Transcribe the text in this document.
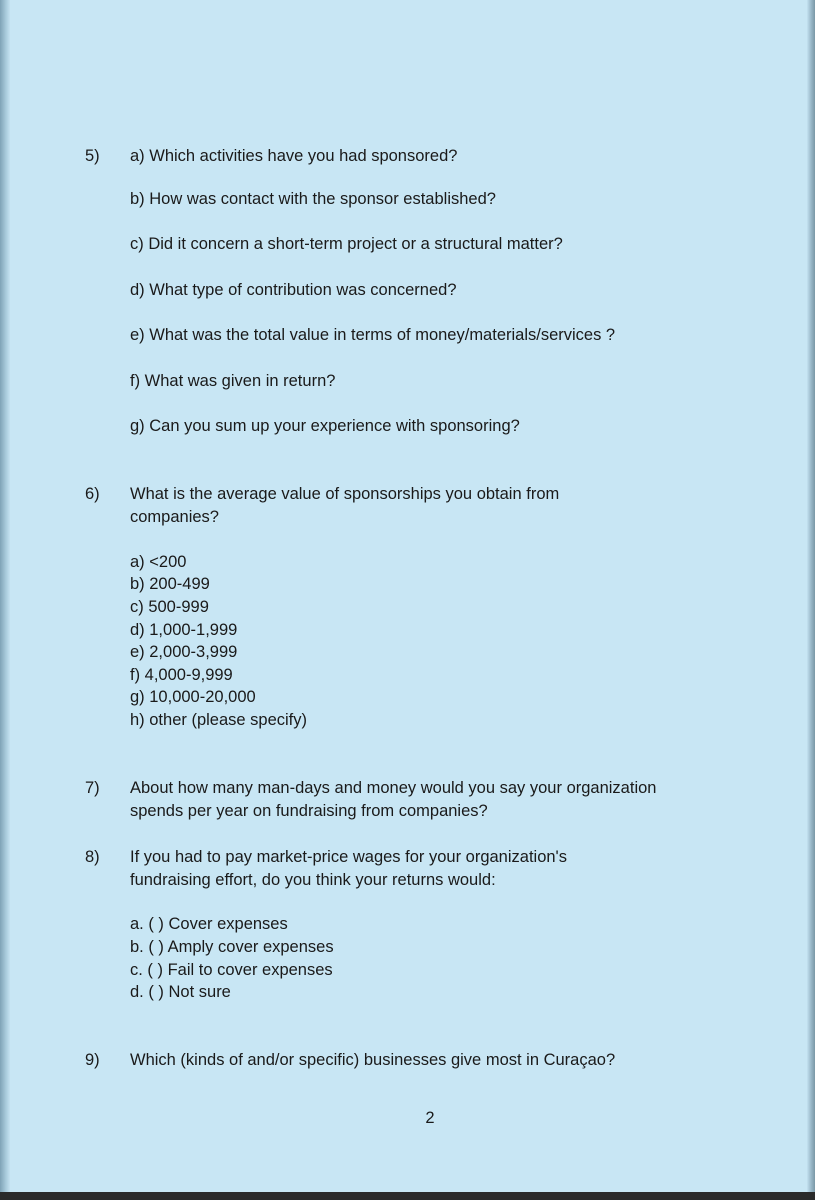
5) a) Which activities have you had sponsored?
b) How was contact with the sponsor established?
c) Did it concern a short-term project or a structural matter?
d) What type of contribution was concerned?
e) What was the total value in terms of money/materials/services ?
f) What was given in return?
g) Can you sum up your experience with sponsoring?
6) What is the average value of sponsorships you obtain from
companies?
a) <200
b) 200-499
c) 500-999
d) 1,000-1,999
e) 2,000-3,999
f) 4,000-9,999
g) 10,000-20,000
h) other (please specify)
7) About how many man-days and money would you say your organization
spends per year on fundraising from companies?
8) If you had to pay market-price wages for your organization's
fundraising effort, do you think your returns would:
a. ( ) Cover expenses
b. ( ) Amply cover expenses
c. ( ) Fail to cover expenses
d. ( ) Not sure
9) Which (kinds of and/or specific) businesses give most in Curaçao?
2
